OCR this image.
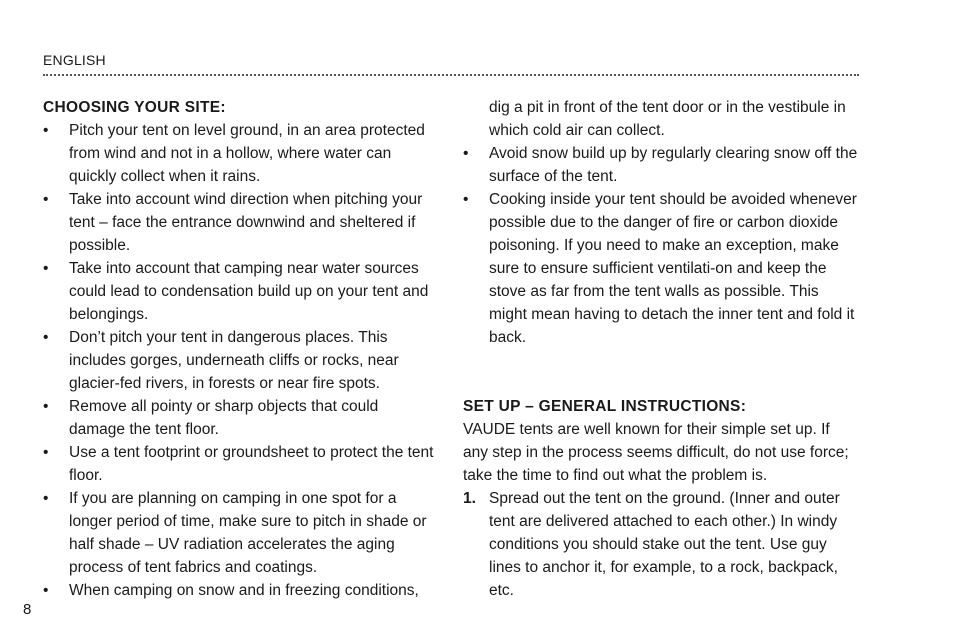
ENGLISH
CHOOSING YOUR SITE:
• Pitch your tent on level ground, in an area protected from wind and not in a hollow, where water can quickly collect when it rains.
• Take into account wind direction when pitching your tent – face the entrance downwind and sheltered if possible.
• Take into account that camping near water sources could lead to condensation build up on your tent and belongings.
• Don’t pitch your tent in dangerous places. This includes gorges, underneath cliffs or rocks, near glacier-fed rivers, in forests or near fire spots.
• Remove all pointy or sharp objects that could damage the tent floor.
• Use a tent footprint or groundsheet to protect the tent floor.
• If you are planning on camping in one spot for a longer period of time, make sure to pitch in shade or half shade – UV radiation accelerates the aging process of tent fabrics and coatings.
• When camping on snow and in freezing conditions,

dig a pit in front of the tent door or in the vestibule in which cold air can collect.

• Avoid snow build up by regularly clearing snow off the surface of the tent.
• Cooking inside your tent should be avoided whenever possible due to the danger of fire or carbon dioxide poisoning. If you need to make an exception, make sure to ensure sufficient ventilati-on and keep the stove as far from the tent walls as possible. This might mean having to detach the inner tent and fold it back.
SET UP – GENERAL INSTRUCTIONS:

VAUDE tents are well known for their simple set up. If any step in the process seems difficult, do not use force; take the time to find out what the problem is.

1. Spread out the tent on the ground. (Inner and outer tent are delivered attached to each other.) In windy conditions you should stake out the tent. Use guy lines to anchor it, for example, to a rock, backpack, etc.
8
